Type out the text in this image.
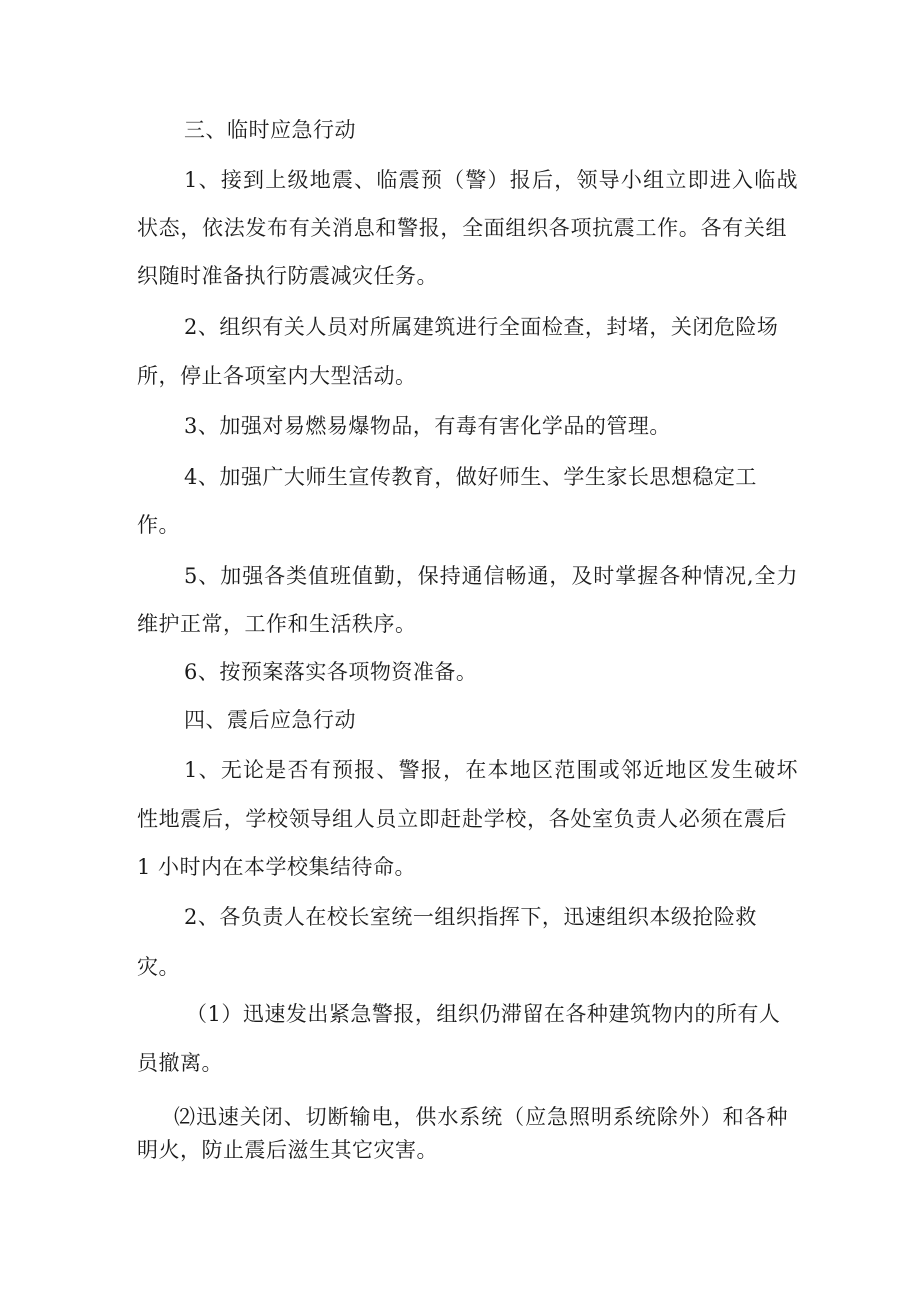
三、临时应急行动
1、接到上级地震、临震预（警）报后，领导小组立即进入临战
状态，依法发布有关消息和警报，全面组织各项抗震工作。各有关组
织随时准备执行防震减灾任务。
2、组织有关人员对所属建筑进行全面检查，封堵，关闭危险场
所，停止各项室内大型活动。
3、加强对易燃易爆物品，有毒有害化学品的管理。
4、加强广大师生宣传教育，做好师生、学生家长思想稳定工
作。
5、加强各类值班值勤，保持通信畅通，及时掌握各种情况,全力
维护正常，工作和生活秩序。
6、按预案落实各项物资准备。
四、震后应急行动
1、无论是否有预报、警报，在本地区范围或邻近地区发生破坏
性地震后，学校领导组人员立即赶赴学校，各处室负责人必须在震后
1 小时内在本学校集结待命。
2、各负责人在校长室统一组织指挥下，迅速组织本级抢险救
灾。
（1）迅速发出紧急警报，组织仍滞留在各种建筑物内的所有人
员撤离。
⑵迅速关闭、切断输电，供水系统（应急照明系统除外）和各种
明火，防止震后滋生其它灾害。
